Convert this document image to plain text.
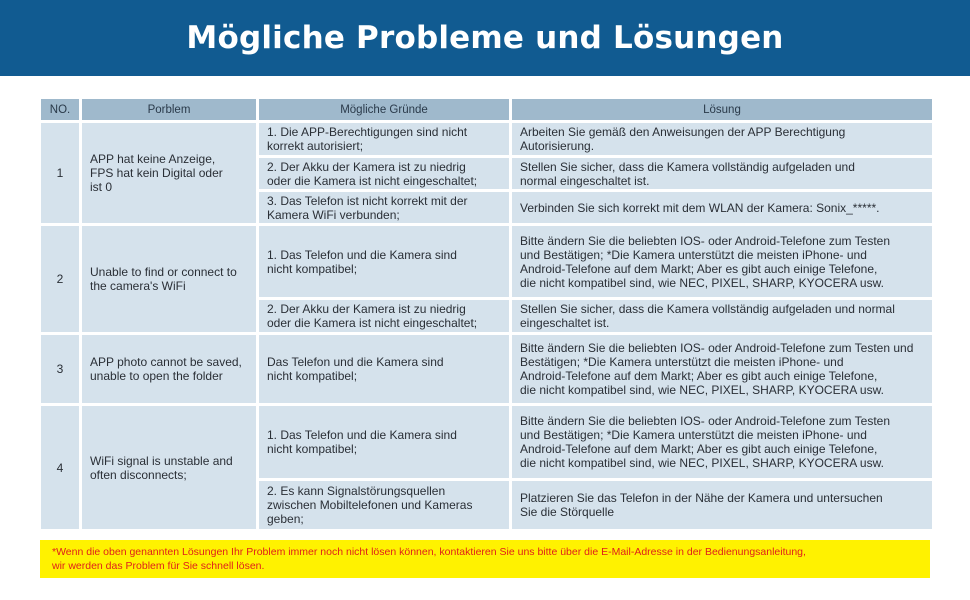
Mögliche Probleme und Lösungen
NO.	Porblem	Mögliche Gründe	Lösung
1	APP hat keine Anzeige,
FPS hat kein Digital oder
ist 0	1. Die APP-Berechtigungen sind nicht
korrekt autorisiert;	Arbeiten Sie gemäß den Anweisungen der APP Berechtigung
Autorisierung.
		2. Der Akku der Kamera ist zu niedrig
oder die Kamera ist nicht eingeschaltet;	Stellen Sie sicher, dass die Kamera vollständig aufgeladen und
normal eingeschaltet ist.
		3. Das Telefon ist nicht korrekt mit der
Kamera WiFi verbunden;	Verbinden Sie sich korrekt mit dem WLAN der Kamera: Sonix_*****.
2	Unable to find or connect to
the camera's WiFi	1. Das Telefon und die Kamera sind
nicht kompatibel;	Bitte ändern Sie die beliebten IOS- oder Android-Telefone zum Testen
und Bestätigen; *Die Kamera unterstützt die meisten iPhone- und
Android-Telefone auf dem Markt; Aber es gibt auch einige Telefone,
die nicht kompatibel sind, wie NEC, PIXEL, SHARP, KYOCERA usw.
		2. Der Akku der Kamera ist zu niedrig
oder die Kamera ist nicht eingeschaltet;	Stellen Sie sicher, dass die Kamera vollständig aufgeladen und normal
eingeschaltet ist.
3	APP photo cannot be saved,
unable to open the folder	Das Telefon und die Kamera sind
nicht kompatibel;	Bitte ändern Sie die beliebten IOS- oder Android-Telefone zum Testen und
Bestätigen; *Die Kamera unterstützt die meisten iPhone- und
Android-Telefone auf dem Markt; Aber es gibt auch einige Telefone,
die nicht kompatibel sind, wie NEC, PIXEL, SHARP, KYOCERA usw.
4	WiFi signal is unstable and
often disconnects;	1. Das Telefon und die Kamera sind
nicht kompatibel;	Bitte ändern Sie die beliebten IOS- oder Android-Telefone zum Testen
und Bestätigen; *Die Kamera unterstützt die meisten iPhone- und
Android-Telefone auf dem Markt; Aber es gibt auch einige Telefone,
die nicht kompatibel sind, wie NEC, PIXEL, SHARP, KYOCERA usw.
		2. Es kann Signalstörungsquellen
zwischen Mobiltelefonen und Kameras
geben;	Platzieren Sie das Telefon in der Nähe der Kamera und untersuchen
Sie die Störquelle
*Wenn die oben genannten Lösungen Ihr Problem immer noch nicht lösen können, kontaktieren Sie uns bitte über die E-Mail-Adresse in der Bedienungsanleitung,
wir werden das Problem für Sie schnell lösen.
